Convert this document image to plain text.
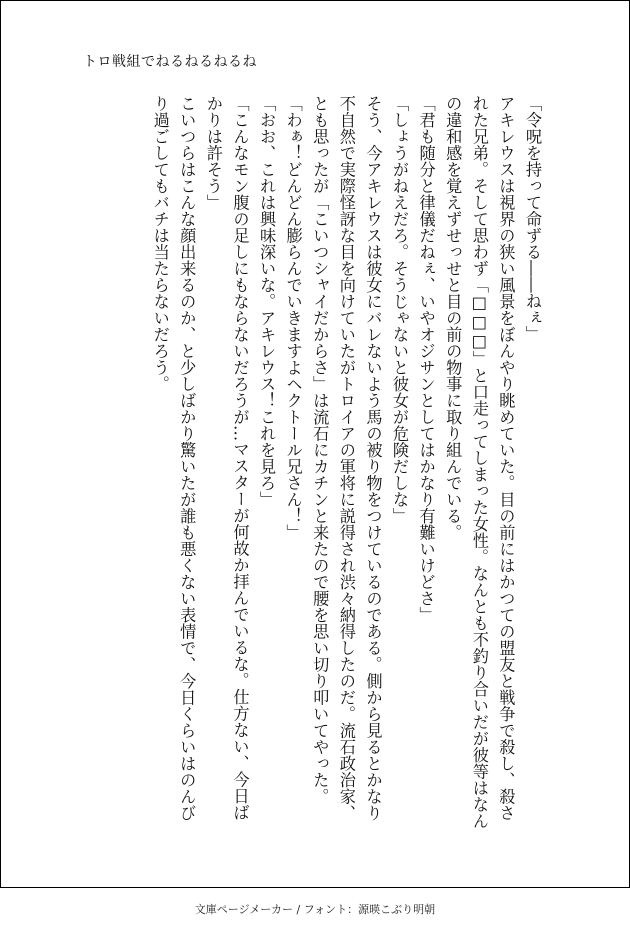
トロ戦組でねるねるねるね

「令呪を持って命ずる――ねぇ」

アキレウスは視界の狭い風景をぼんやり眺めていた。目の前にはかつての盟友と戦争で殺し、殺された兄弟。そして思わず「□□□」と口走ってしまった女性。なんとも不釣り合いだが彼等はなんの違和感を覚えずせっせと目の前の物事に取り組んでいる。

「君も随分と律儀だねぇ、いやオジサンとしてはかなり有難いけどさ」

「しょうがねえだろ。そうじゃないと彼女が危険だしな」

そう、今アキレウスは彼女にバレないよう馬の被り物をつけているのである。側から見るとかなり不自然で実際怪訝な目を向けていたがトロイアの軍将に説得され渋々納得したのだ。流石政治家、とも思ったが「こいつシャイだからさ」は流石にカチンと来たので腰を思い切り叩いてやった。

「わぁ！どんどん膨らんでいきますよヘクトール兄さん！」

「おお、これは興味深いな。アキレウス！これを見ろ」

「こんなモン腹の足しにもならないだろうが…マスターが何故か拝んでいるな。仕方ない、今日ばかりは許そう」

こいつらはこんな顔出来るのか、と少しばかり驚いたが誰も悪くない表情で、今日くらいはのんびり過ごしてもバチは当たらないだろう。

文庫ページメーカー / フォント：源暎こぶり明朝
